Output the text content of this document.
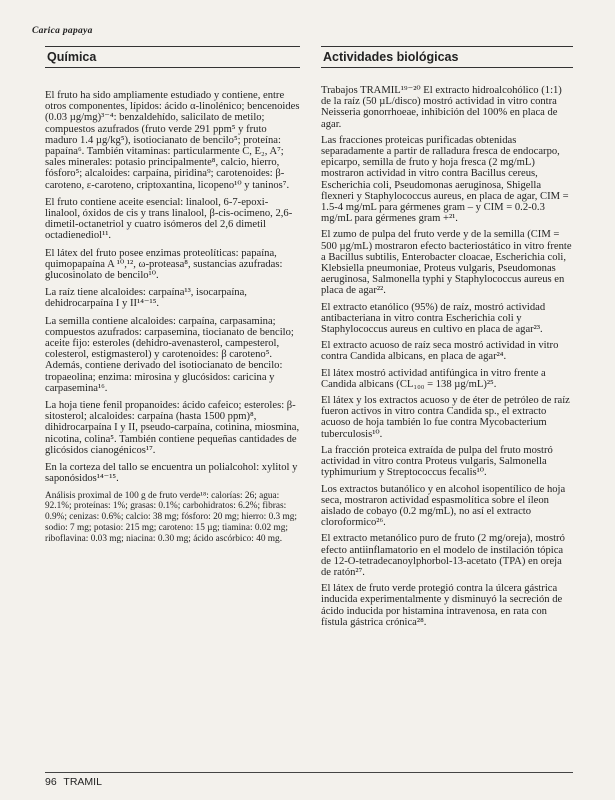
Carica papaya
Química

El fruto ha sido ampliamente estudiado y contiene, entre otros componentes, lípidos: ácido α-linolénico; bencenoides (0.03 µg/mg)³⁻⁴: benzaldehído, salicilato de metilo; compuestos azufrados (fruto verde 291 ppm⁵ y fruto maduro 1.4 µg/kg⁵), isotiocianato de bencilo⁵; proteína: papaína⁶. También vitaminas: particularmente C, E₂, A⁷; sales minerales: potasio principalmente⁸, calcio, hierro, fósforo⁵; alcaloides: carpaína, piridina⁹; carotenoides: β-caroteno, ε-caroteno, criptoxantina, licopeno¹⁰ y taninos⁷.

El fruto contiene aceite esencial: linalool, 6-7-epoxi-linalool, óxidos de cis y trans linalool, β-cis-ocimeno, 2,6-dimetil-octanetriol y cuatro isómeros del 2,6 dimetil octadienediol¹¹.

El látex del fruto posee enzimas proteolíticas: papaína, quimopapaína A ¹⁰,¹², ω-proteasa⁸, sustancias azufradas: glucosinolato de bencilo¹⁰.

La raíz tiene alcaloides: carpaína¹³, isocarpaína, dehidrocarpaína I y II¹⁴⁻¹⁵.

La semilla contiene alcaloides: carpaína, carpasamina; compuestos azufrados: carpasemina, tiocianato de bencilo; aceite fijo: esteroles (dehidro-avenasterol, campesterol, colesterol, estigmasterol) y carotenoides: β caroteno⁵. Además, contiene derivado del isotiocianato de bencilo: tropaeolina; enzima: mirosina y glucósidos: caricina y carpasemina¹⁶.

La hoja tiene fenil propanoides: ácido cafeico; esteroles: β-sitosterol; alcaloides: carpaína (hasta 1500 ppm)⁸, dihidrocarpaína I y II, pseudo-carpaína, cotinina, miosmina, nicotina, colina⁵. También contiene pequeñas cantidades de glicósidos cianogénicos¹⁷.

En la corteza del tallo se encuentra un polialcohol: xylitol y saponósidos¹⁴⁻¹⁵.

Análisis proximal de 100 g de fruto verde¹⁸: calorías: 26; agua: 92.1%; proteínas: 1%; grasas: 0.1%; carbohidratos: 6.2%; fibras: 0.9%; cenizas: 0.6%; calcio: 38 mg; fósforo: 20 mg; hierro: 0.3 mg; sodio: 7 mg; potasio: 215 mg; caroteno: 15 µg; tiamina: 0.02 mg; riboflavina: 0.03 mg; niacina: 0.30 mg; ácido ascórbico: 40 mg.

Actividades biológicas

Trabajos TRAMIL¹⁹⁻²⁰ El extracto hidroalcohólico (1:1) de la raíz (50 µL/disco) mostró actividad in vitro contra Neisseria gonorrhoeae, inhibición del 100% en placa de agar.

Las fracciones proteicas purificadas obtenidas separadamente a partir de ralladura fresca de endocarpo, epicarpo, semilla de fruto y hoja fresca (2 mg/mL) mostraron actividad in vitro contra Bacillus cereus, Escherichia coli, Pseudomonas aeruginosa, Shigella flexneri y Staphylococcus aureus, en placa de agar, CIM = 1.5-4 mg/mL para gérmenes gram – y CIM = 0.2-0.3 mg/mL para gérmenes gram +²¹.

El zumo de pulpa del fruto verde y de la semilla (CIM = 500 µg/mL) mostraron efecto bacteriostático in vitro frente a Bacillus subtilis, Enterobacter cloacae, Escherichia coli, Klebsiella pneumoniae, Proteus vulgaris, Pseudomonas aeruginosa, Salmonella typhi y Staphylococcus aureus en placa de agar²².

El extracto etanólico (95%) de raíz, mostró actividad antibacteriana in vitro contra Escherichia coli y Staphylococcus aureus en cultivo en placa de agar²³.

El extracto acuoso de raíz seca mostró actividad in vitro contra Candida albicans, en placa de agar²⁴.

El látex mostró actividad antifúngica in vitro frente a Candida albicans (CL₁₀₀ = 138 µg/mL)²⁵.

El látex y los extractos acuoso y de éter de petróleo de raíz fueron activos in vitro contra Candida sp., el extracto acuoso de hoja también lo fue contra Mycobacterium tuberculosis¹⁰.

La fracción proteica extraída de pulpa del fruto mostró actividad in vitro contra Proteus vulgaris, Salmonella typhimurium y Streptococcus fecalis¹⁰.

Los extractos butanólico y en alcohol isopentílico de hoja seca, mostraron actividad espasmolítica sobre el íleon aislado de cobayo (0.2 mg/mL), no así el extracto cloroformico²⁶.

El extracto metanólico puro de fruto (2 mg/oreja), mostró efecto antiinflamatorio en el modelo de instilación tópica de 12-O-tetradecanoylphorbol-13-acetato (TPA) en oreja de ratón²⁷.

El látex de fruto verde protegió contra la úlcera gástrica inducida experimentalmente y disminuyó la secreción de ácido inducida por histamina intravenosa, en rata con fístula gástrica crónica²⁸.

96 TRAMIL
